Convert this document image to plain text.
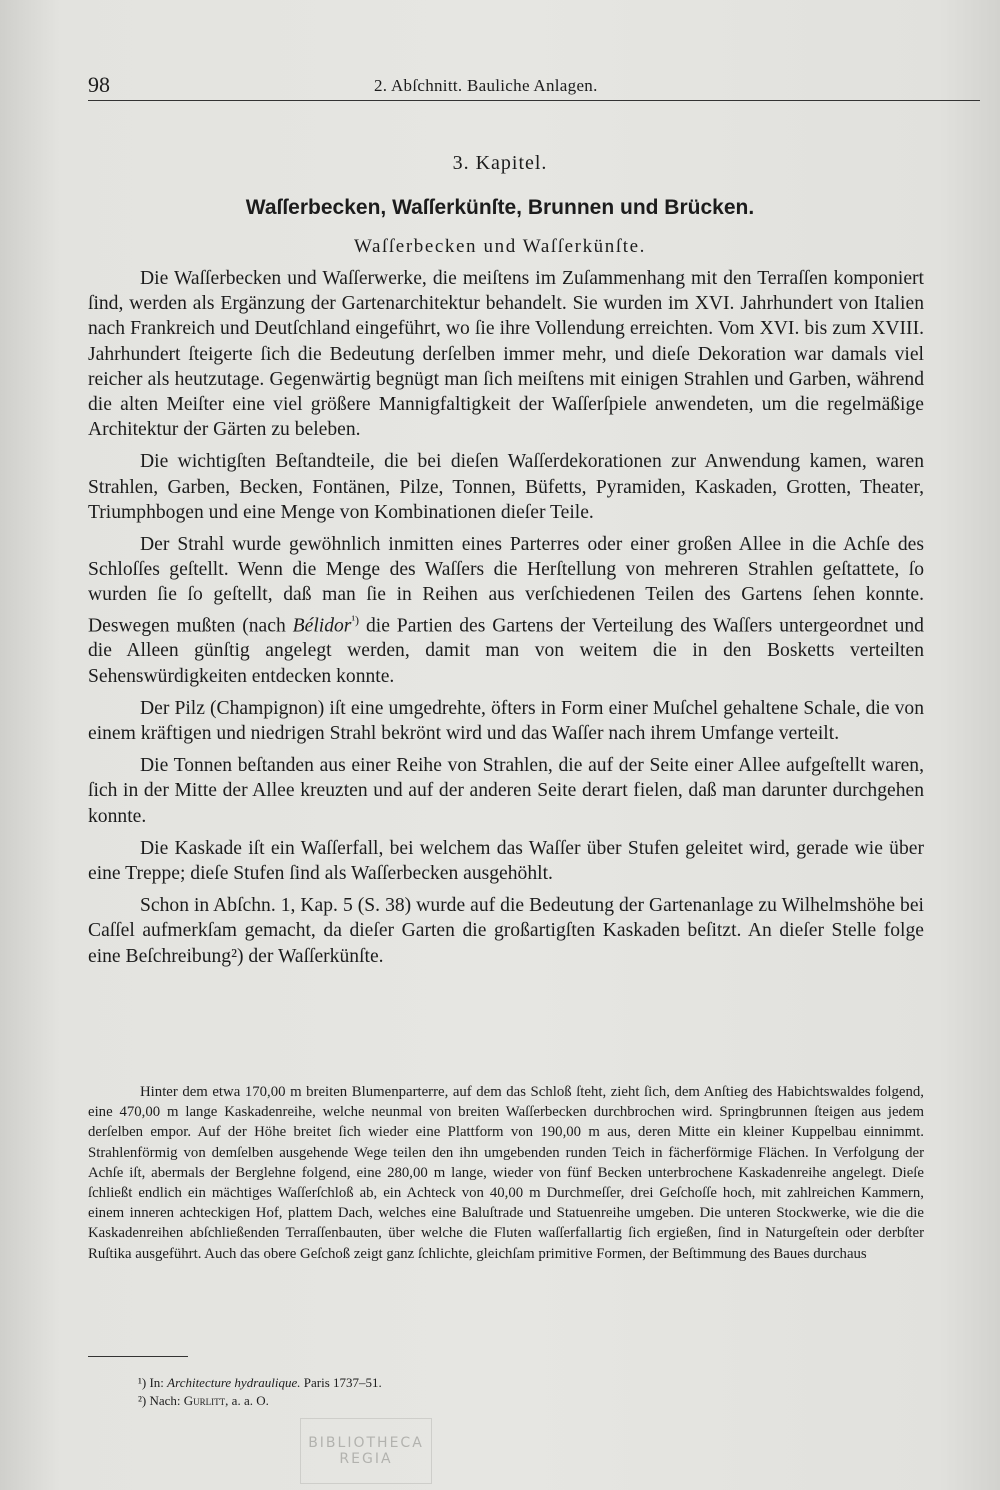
98	2. Abſchnitt. Bauliche Anlagen.
3. Kapitel.
Waſſerbecken, Waſſerkünſte, Brunnen und Brücken.
Waſſerbecken und Waſſerkünſte.

Die Waſſerbecken und Waſſerwerke, die meiſtens im Zuſammenhang mit den Terraſſen komponiert ſind, werden als Ergänzung der Gartenarchitektur behandelt. Sie wurden im XVI. Jahrhundert von Italien nach Frankreich und Deutſchland eingeführt, wo ſie ihre Vollendung erreichten. Vom XVI. bis zum XVIII. Jahrhundert ſteigerte ſich die Bedeutung derſelben immer mehr, und dieſe Dekoration war damals viel reicher als heutzutage. Gegenwärtig begnügt man ſich meiſtens mit einigen Strahlen und Garben, während die alten Meiſter eine viel größere Mannigfaltigkeit der Waſſerſpiele anwendeten, um die regelmäßige Architektur der Gärten zu beleben.

Die wichtigſten Beſtandteile, die bei dieſen Waſſerdekorationen zur Anwendung kamen, waren Strahlen, Garben, Becken, Fontänen, Pilze, Tonnen, Büfetts, Pyramiden, Kaskaden, Grotten, Theater, Triumphbogen und eine Menge von Kombinationen dieſer Teile.

Der Strahl wurde gewöhnlich inmitten eines Parterres oder einer großen Allee in die Achſe des Schloſſes geſtellt. Wenn die Menge des Waſſers die Herſtellung von mehreren Strahlen geſtattete, ſo wurden ſie ſo geſtellt, daß man ſie in Reihen aus verſchiedenen Teilen des Gartens ſehen konnte. Deswegen mußten (nach Bélidor$^{^1)}$ die Partien des Gartens der Verteilung des Waſſers untergeordnet und die Alleen günſtig angelegt werden, damit man von weitem die in den Bosketts verteilten Sehenswürdigkeiten entdecken konnte.

Der Pilz (Champignon) iſt eine umgedrehte, öfters in Form einer Muſchel gehaltene Schale, die von einem kräftigen und niedrigen Strahl bekrönt wird und das Waſſer nach ihrem Umfange verteilt.

Die Tonnen beſtanden aus einer Reihe von Strahlen, die auf der Seite einer Allee aufgeſtellt waren, ſich in der Mitte der Allee kreuzten und auf der anderen Seite derart fielen, daß man darunter durchgehen konnte.

Die Kaskade iſt ein Waſſerfall, bei welchem das Waſſer über Stufen geleitet wird, gerade wie über eine Treppe; dieſe Stufen ſind als Waſſerbecken ausgehöhlt.

Schon in Abſchn. 1, Kap. 5 (S. 38) wurde auf die Bedeutung der Gartenanlage zu Wilhelmshöhe bei Caſſel aufmerkſam gemacht, da dieſer Garten die großartigſten Kaskaden beſitzt. An dieſer Stelle folge eine Beſchreibung²) der Waſſerkünſte.

Hinter dem etwa 170,00 m breiten Blumenparterre, auf dem das Schloß ſteht, zieht ſich, dem Anſtieg des Habichtswaldes folgend, eine 470,00 m lange Kaskadenreihe, welche neunmal von breiten Waſſerbecken durchbrochen wird. Springbrunnen ſteigen aus jedem derſelben empor. Auf der Höhe breitet ſich wieder eine Plattform von 190,00 m aus, deren Mitte ein kleiner Kuppelbau einnimmt. Strahlenförmig von demſelben ausgehende Wege teilen den ihn umgebenden runden Teich in fächerförmige Flächen. In Verfolgung der Achſe iſt, abermals der Berglehne folgend, eine 280,00 m lange, wieder von fünf Becken unterbrochene Kaskadenreihe angelegt. Dieſe ſchließt endlich ein mächtiges Waſſerſchloß ab, ein Achteck von 40,00 m Durchmeſſer, drei Geſchoſſe hoch, mit zahlreichen Kammern, einem inneren achteckigen Hof, plattem Dach, welches eine Baluſtrade und Statuenreihe umgeben. Die unteren Stockwerke, wie die die Kaskadenreihen abſchließenden Terraſſenbauten, über welche die Fluten waſſerfallartig ſich ergießen, ſind in Naturgeſtein oder derbſter Ruſtika ausgeführt. Auch das obere Geſchoß zeigt ganz ſchlichte, gleichſam primitive Formen, der Beſtimmung des Baues durchaus

¹) In: Architecture hydraulique. Paris 1737–51.
²) Nach: Gurlitt, a. a. O.
BIBLIOTHECA
REGIA
